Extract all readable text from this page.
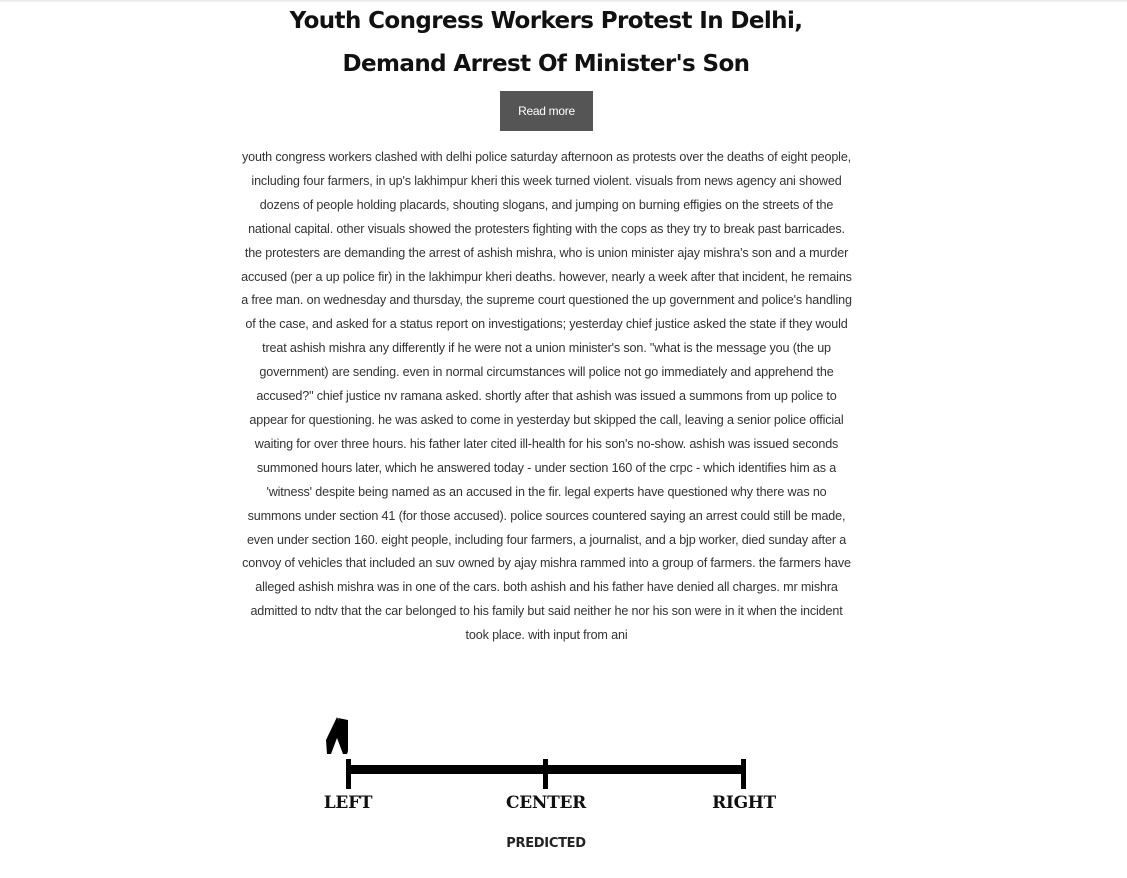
Youth Congress Workers Protest In Delhi, Demand Arrest Of Minister's Son
Read more

youth congress workers clashed with delhi police saturday afternoon as protests over the deaths of eight people, including four farmers, in up's lakhimpur kheri this week turned violent. visuals from news agency ani showed dozens of people holding placards, shouting slogans, and jumping on burning effigies on the streets of the national capital. other visuals showed the protesters fighting with the cops as they try to break past barricades. the protesters are demanding the arrest of ashish mishra, who is union minister ajay mishra's son and a murder accused (per a up police fir) in the lakhimpur kheri deaths. however, nearly a week after that incident, he remains a free man. on wednesday and thursday, the supreme court questioned the up government and police's handling of the case, and asked for a status report on investigations; yesterday chief justice asked the state if they would treat ashish mishra any differently if he were not a union minister's son. "what is the message you (the up government) are sending. even in normal circumstances will police not go immediately and apprehend the accused?" chief justice nv ramana asked. shortly after that ashish was issued a summons from up police to appear for questioning. he was asked to come in yesterday but skipped the call, leaving a senior police official waiting for over three hours. his father later cited ill-health for his son's no-show. ashish was issued seconds summoned hours later, which he answered today - under section 160 of the crpc - which identifies him as a 'witness' despite being named as an accused in the fir. legal experts have questioned why there was no summons under section 41 (for those accused). police sources countered saying an arrest could still be made, even under section 160. eight people, including four farmers, a journalist, and a bjp worker, died sunday after a convoy of vehicles that included an suv owned by ajay mishra rammed into a group of farmers. the farmers have alleged ashish mishra was in one of the cars. both ashish and his father have denied all charges. mr mishra admitted to ndtv that the car belonged to his family but said neither he nor his son were in it when the incident took place. with input from ani

LEFT	CENTER	RIGHT
PREDICTED
